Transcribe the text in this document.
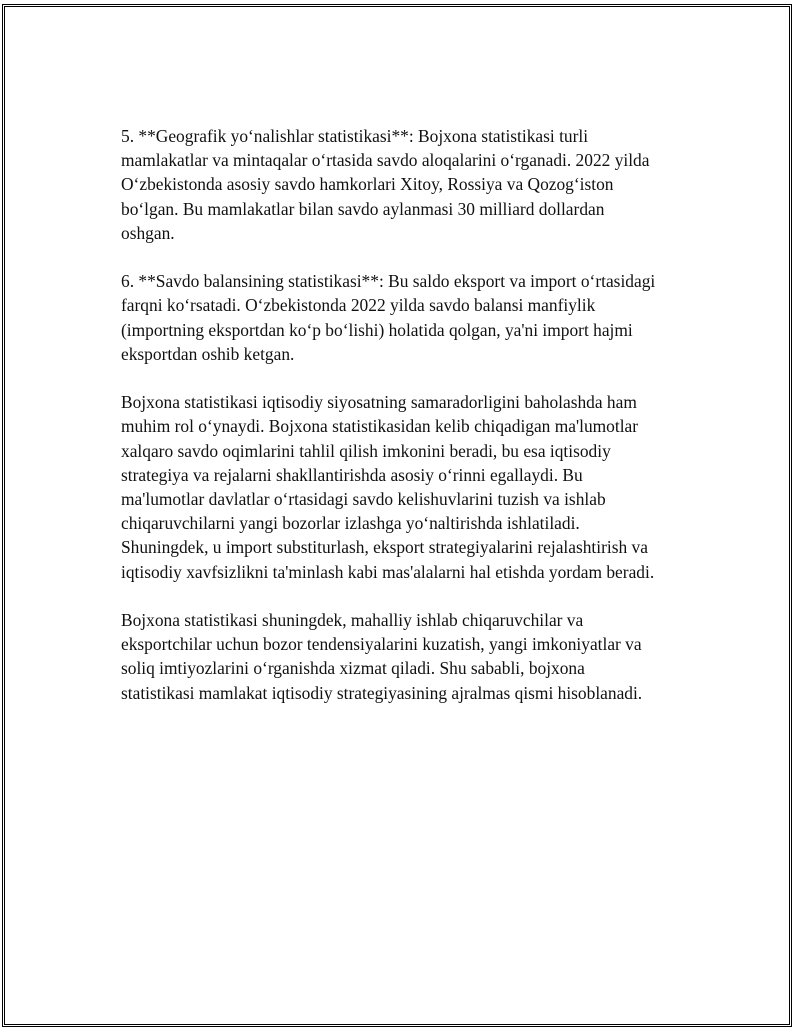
5. **Geografik yo‘nalishlar statistikasi**: Bojxona statistikasi turli
mamlakatlar va mintaqalar o‘rtasida savdo aloqalarini o‘rganadi. 2022 yilda
O‘zbekistonda asosiy savdo hamkorlari Xitoy, Rossiya va Qozog‘iston
bo‘lgan. Bu mamlakatlar bilan savdo aylanmasi 30 milliard dollardan
oshgan.

6. **Savdo balansining statistikasi**: Bu saldo eksport va import o‘rtasidagi
farqni ko‘rsatadi. O‘zbekistonda 2022 yilda savdo balansi manfiylik
(importning eksportdan ko‘p bo‘lishi) holatida qolgan, ya'ni import hajmi
eksportdan oshib ketgan.

Bojxona statistikasi iqtisodiy siyosatning samaradorligini baholashda ham
muhim rol o‘ynaydi. Bojxona statistikasidan kelib chiqadigan ma'lumotlar
xalqaro savdo oqimlarini tahlil qilish imkonini beradi, bu esa iqtisodiy
strategiya va rejalarni shakllantirishda asosiy o‘rinni egallaydi. Bu
ma'lumotlar davlatlar o‘rtasidagi savdo kelishuvlarini tuzish va ishlab
chiqaruvchilarni yangi bozorlar izlashga yo‘naltirishda ishlatiladi.
Shuningdek, u import substiturlash, eksport strategiyalarini rejalashtirish va
iqtisodiy xavfsizlikni ta'minlash kabi mas'alalarni hal etishda yordam beradi.

Bojxona statistikasi shuningdek, mahalliy ishlab chiqaruvchilar va
eksportchilar uchun bozor tendensiyalarini kuzatish, yangi imkoniyatlar va
soliq imtiyozlarini o‘rganishda xizmat qiladi. Shu sababli, bojxona
statistikasi mamlakat iqtisodiy strategiyasining ajralmas qismi hisoblanadi.
